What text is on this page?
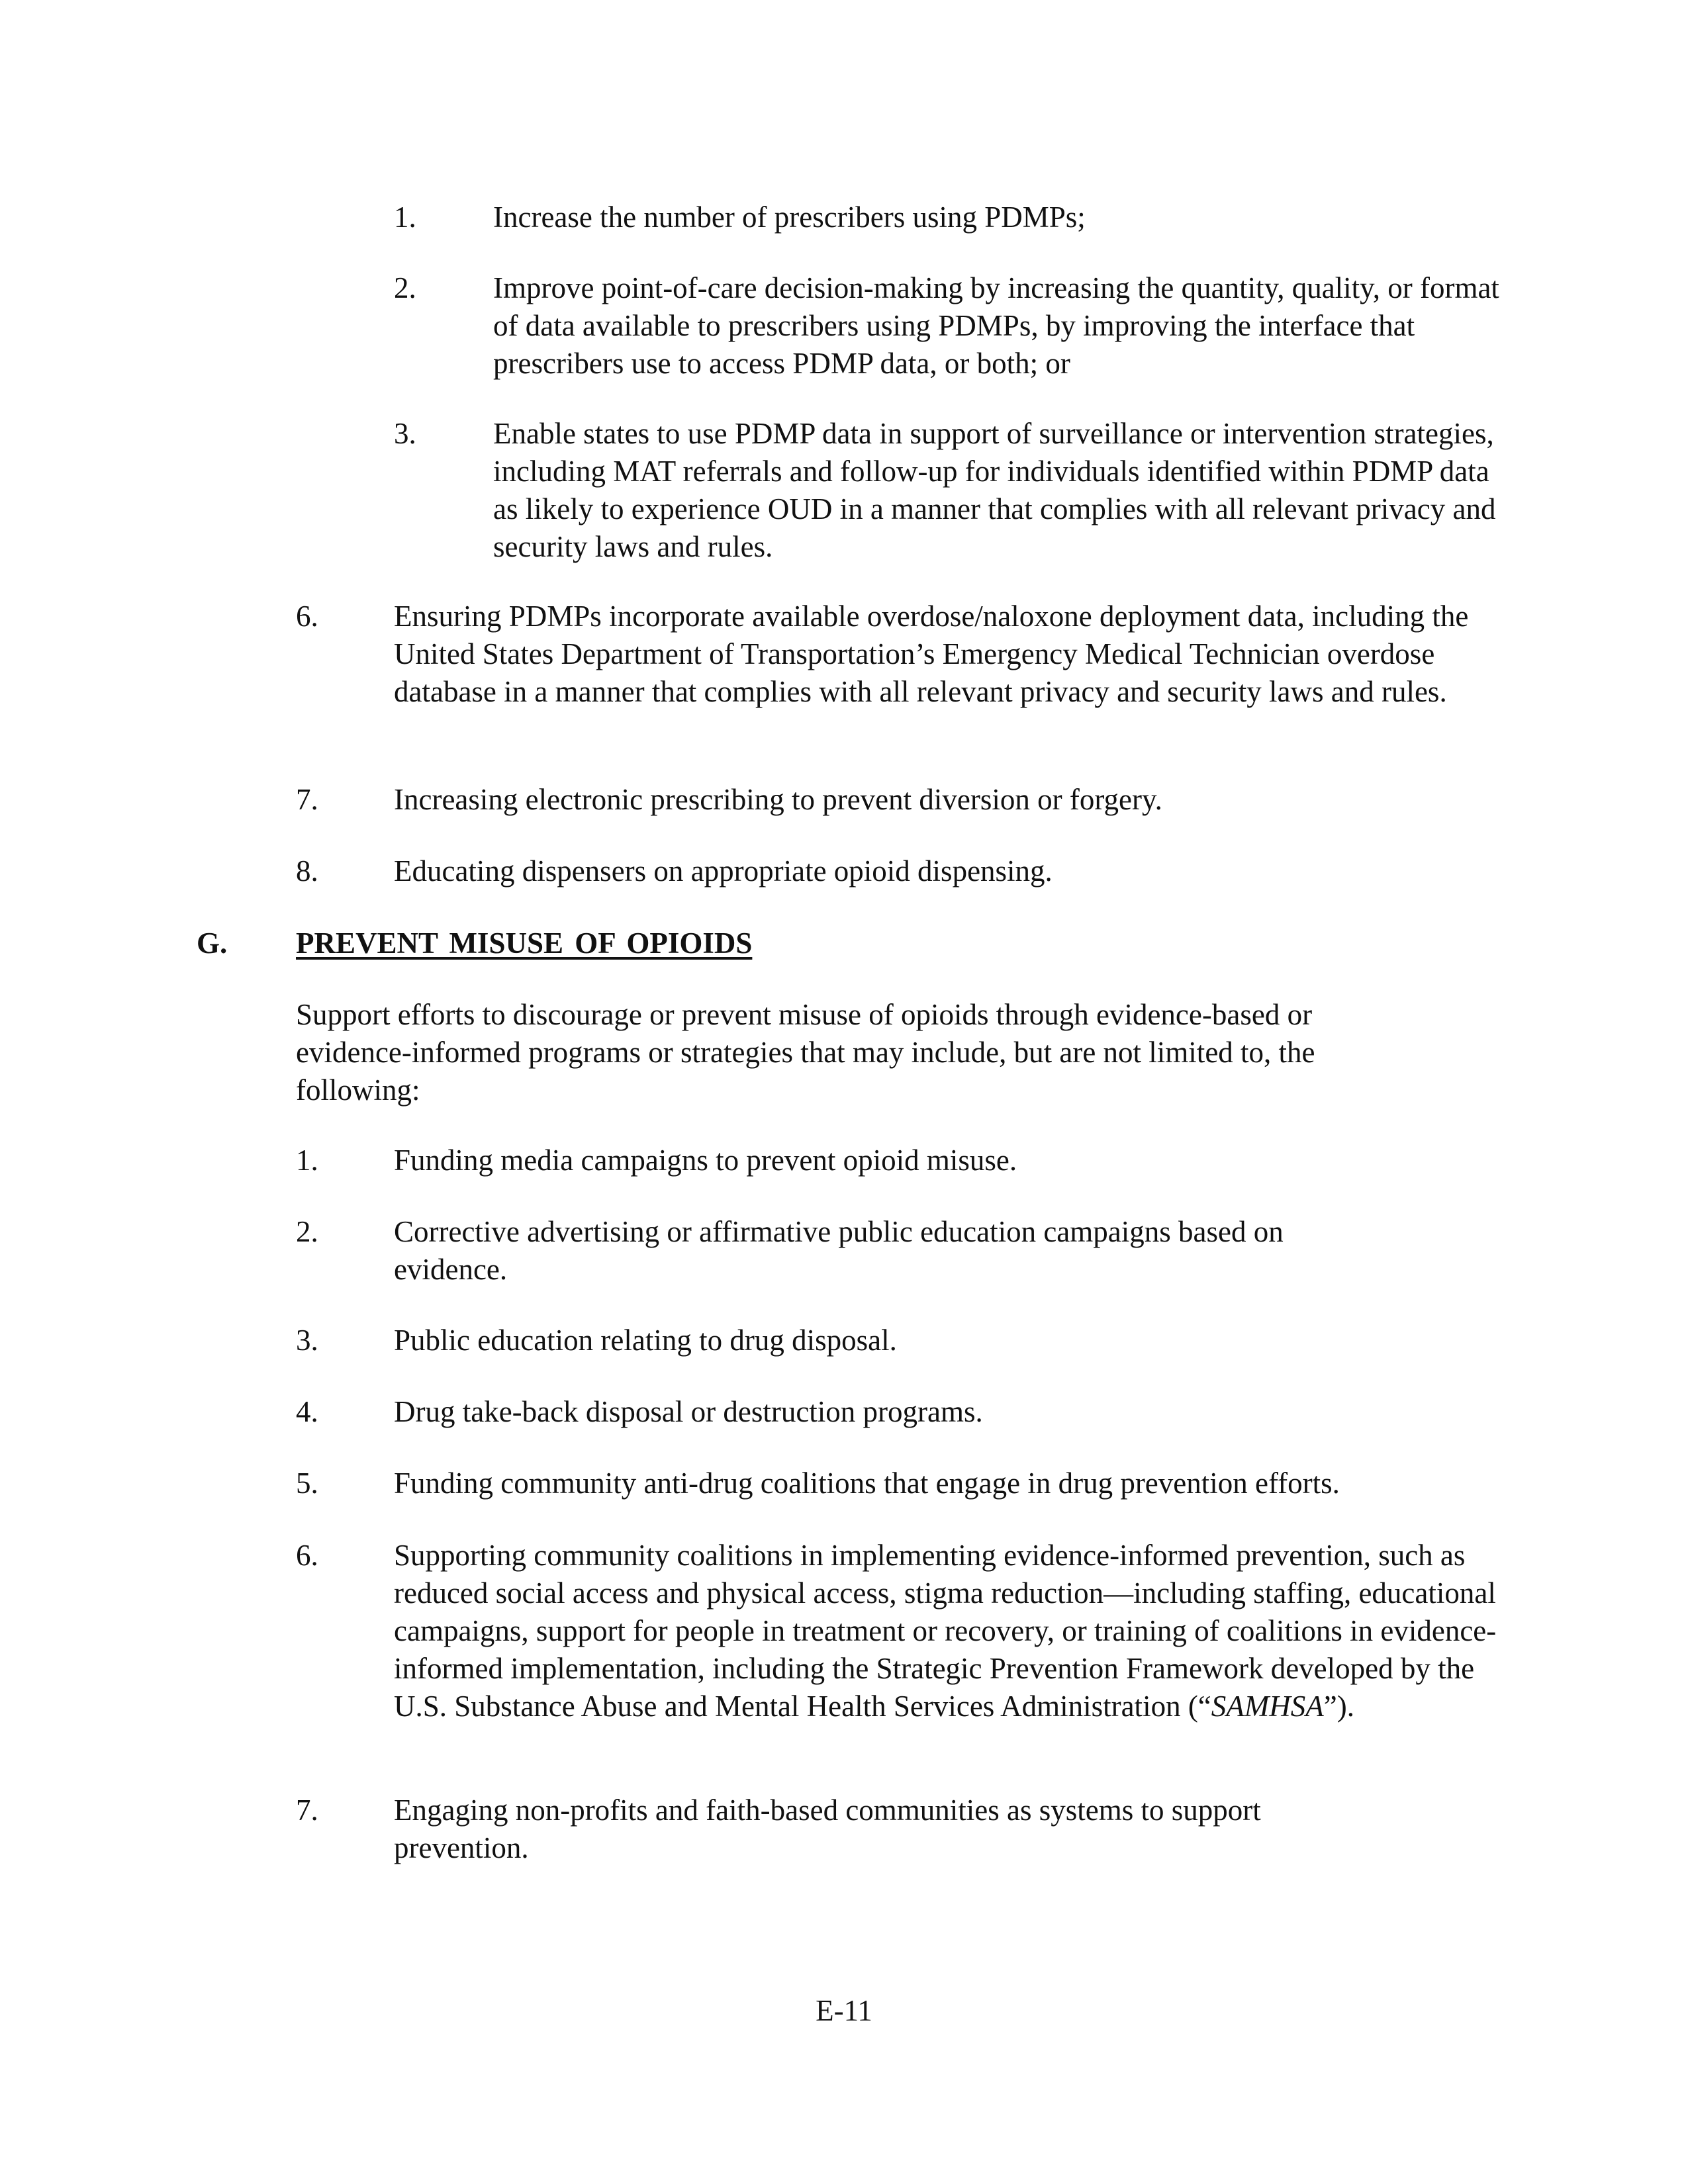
1.	Increase the number of prescribers using PDMPs;
2.	Improve point-of-care decision-making by increasing the quantity, quality, or format of data available to prescribers using PDMPs, by improving the interface that prescribers use to access PDMP data, or both; or
3.	Enable states to use PDMP data in support of surveillance or intervention strategies, including MAT referrals and follow-up for individuals identified within PDMP data as likely to experience OUD in a manner that complies with all relevant privacy and security laws and rules.
6.	Ensuring PDMPs incorporate available overdose/naloxone deployment data, including the United States Department of Transportation’s Emergency Medical Technician overdose database in a manner that complies with all relevant privacy and security laws and rules.
7.	Increasing electronic prescribing to prevent diversion or forgery.
8.	Educating dispensers on appropriate opioid dispensing.
G. PREVENT MISUSE OF OPIOIDS
Support efforts to discourage or prevent misuse of opioids through evidence-based or evidence-informed programs or strategies that may include, but are not limited to, the following:
1.	Funding media campaigns to prevent opioid misuse.
2.	Corrective advertising or affirmative public education campaigns based on evidence.
3.	Public education relating to drug disposal.
4.	Drug take-back disposal or destruction programs.
5.	Funding community anti-drug coalitions that engage in drug prevention efforts.
6.	Supporting community coalitions in implementing evidence-informed prevention, such as reduced social access and physical access, stigma reduction—including staffing, educational campaigns, support for people in treatment or recovery, or training of coalitions in evidence-informed implementation, including the Strategic Prevention Framework developed by the U.S. Substance Abuse and Mental Health Services Administration (“SAMHSA”).
7.	Engaging non-profits and faith-based communities as systems to support prevention.
E-11
